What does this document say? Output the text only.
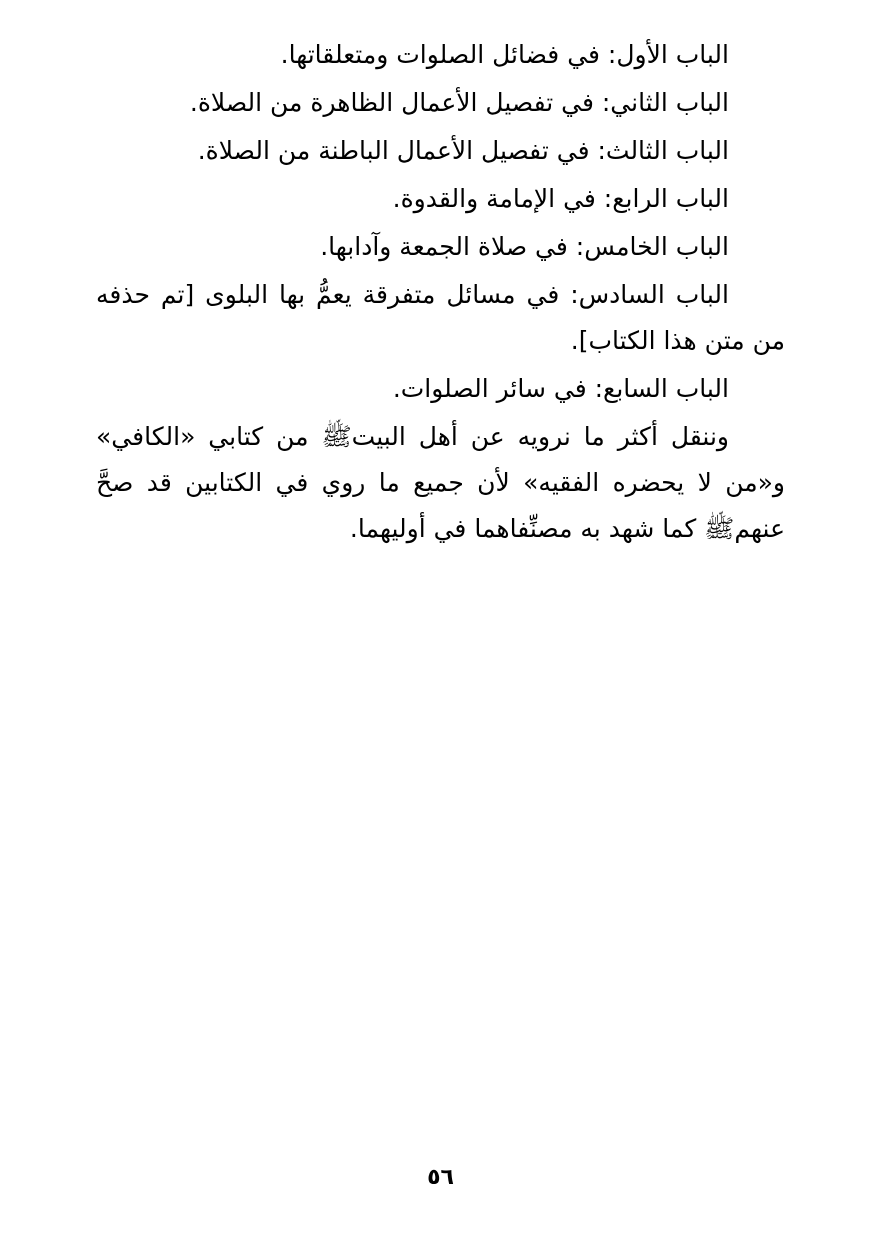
الباب الأول: في فضائل الصلوات ومتعلقاتها.

الباب الثاني: في تفصيل الأعمال الظاهرة من الصلاة.

الباب الثالث: في تفصيل الأعمال الباطنة من الصلاة.

الباب الرابع: في الإمامة والقدوة.

الباب الخامس: في صلاة الجمعة وآدابها.

الباب السادس: في مسائل متفرقة يعمُّ بها البلوى [تم حذفه من متن هذا الكتاب].

الباب السابع: في سائر الصلوات.

وننقل أكثر ما نرويه عن أهل البيتﷺ من كتابي «الكافي» و«من لا يحضره الفقيه» لأن جميع ما روي في الكتابين قد صحَّ عنهمﷺ كما شهد به مصنِّفاهما في أوليهما.

٥٦
